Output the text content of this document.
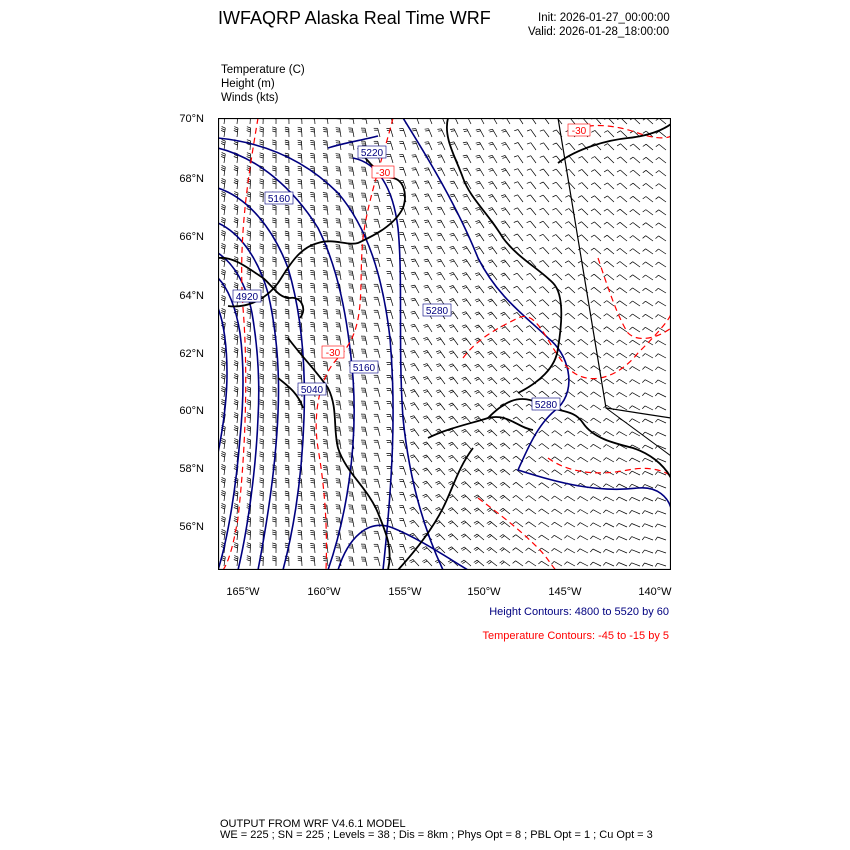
IWFAQRP Alaska Real Time WRF	Init: 2026-01-27_00:00:00
Valid: 2026-01-28_18:00:00
Temperature (C)
Height (m)
Winds (kts)
70°N
68°N
66°N
64°N
62°N
60°N
58°N
56°N
165°W	160°W	155°W	150°W	145°W	140°W
5220
5160
4920
5280
5160
5040
5280
-30
-30
-30
Height Contours: 4800 to 5520 by 60
Temperature Contours: -45 to -15 by 5
OUTPUT FROM WRF V4.6.1 MODEL
WE = 225 ; SN = 225 ; Levels = 38 ; Dis = 8km ; Phys Opt = 8 ; PBL Opt = 1 ; Cu Opt = 3
